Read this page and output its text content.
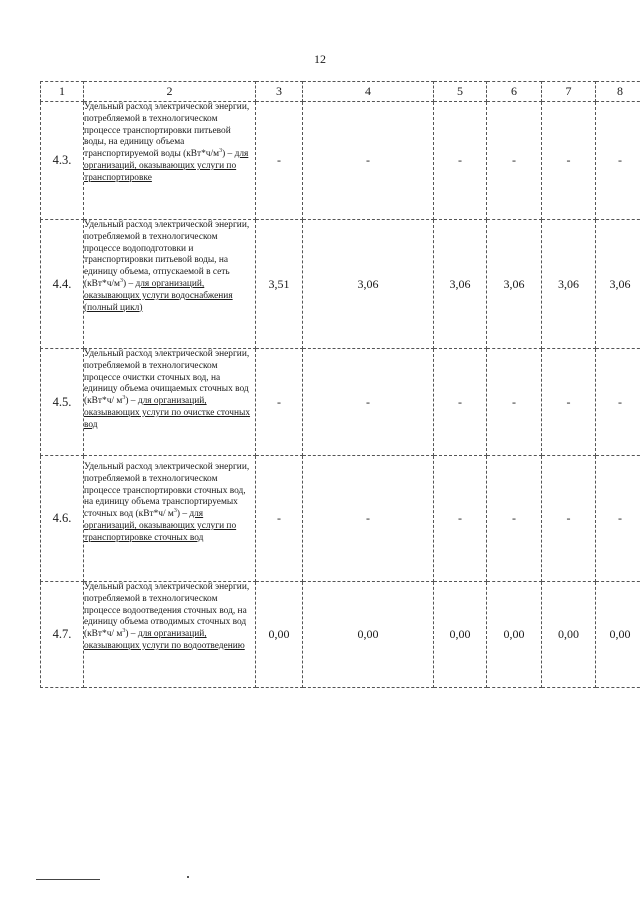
12
1	2	3	4	5	6	7	8
4.3.	Удельный расход электрической энергии, потребляемой в технологическом процессе транспортировки питьевой воды, на единицу объема транспортируемой воды $(кВт*ч/м^3)$ – для организаций, оказывающих услуги по транспортировке	-	-	-	-	-	-
4.4.	Удельный расход электрической энергии, потребляемой в технологическом процессе водоподготовки и транспортировки питьевой воды, на единицу объема, отпускаемой в сеть $(кВт*ч/м^3)$ – для организаций, оказывающих услуги водоснабжения (полный цикл)	3,51	3,06	3,06	3,06	3,06	3,06
4.5.	Удельный расход электрической энергии, потребляемой в технологическом процессе очистки сточных вод, на единицу объема очищаемых сточных вод (кВт*ч/ $м^3$) – для организаций, оказывающих услуги по очистке сточных вод	-	-	-	-	-	-
4.6.	Удельный расход электрической энергии, потребляемой в технологическом процессе транспортировки сточных вод, на единицу объема транспортируемых сточных вод (кВт*ч/ $м^3$) – для организаций, оказывающих услуги по транспортировке сточных вод	-	-	-	-	-	-
4.7.	Удельный расход электрической энергии, потребляемой в технологическом процессе водоотведения сточных вод, на единицу объема отводимых сточных вод (кВт*ч/ $м^3$) – для организаций, оказывающих услуги по водоотведению	0,00	0,00	0,00	0,00	0,00	0,00
